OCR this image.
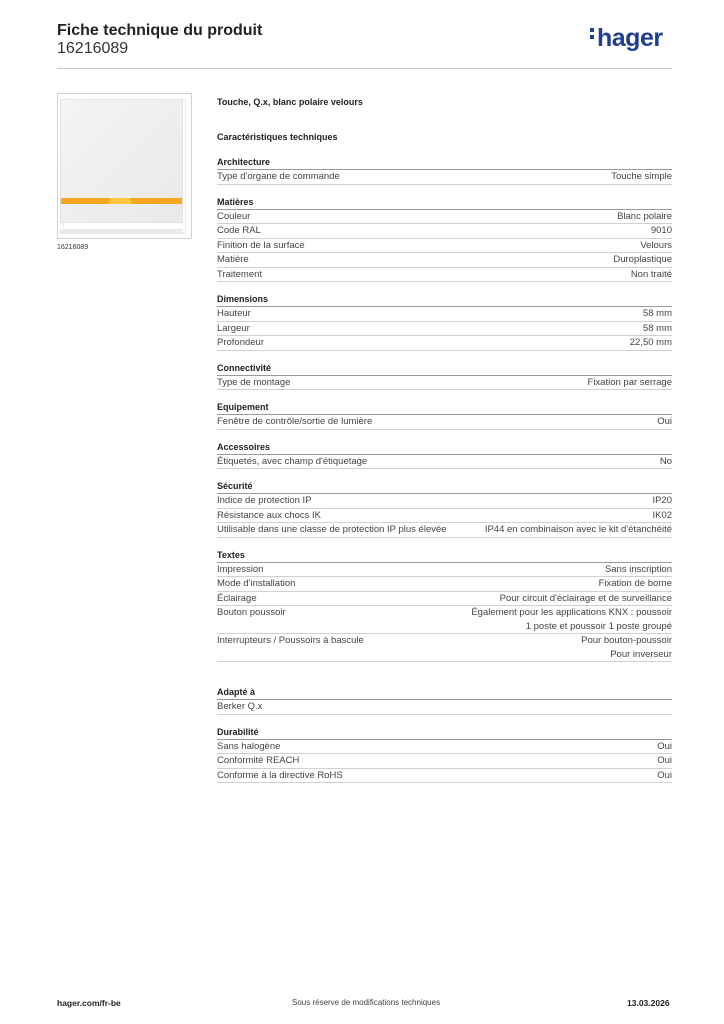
Fiche technique du produit
16216089	hager
16216089
Touche, Q.x, blanc polaire velours
Caractéristiques techniques
Architecture
Type d'organe de commande	Touche simple
Matières
Couleur	Blanc polaire
Code RAL	9010
Finition de la surface	Velours
Matière	Duroplastique
Traitement	Non traité
Dimensions
Hauteur	58 mm
Largeur	58 mm
Profondeur	22,50 mm
Connectivité
Type de montage	Fixation par serrage
Equipement
Fenêtre de contrôle/sortie de lumière	Oui
Accessoires
Étiquetés, avec champ d'étiquetage	No
Sécurité
Indice de protection IP	IP20
Résistance aux chocs IK	IK02
Utilisable dans une classe de protection IP plus élevée	IP44 en combinaison avec le kit d'étanchéité
Textes
Impression	Sans inscription
Mode d'installation	Fixation de borne
Éclairage	Pour circuit d'éclairage et de surveillance
Bouton poussoir	Également pour les applications KNX : poussoir
1 poste et poussoir 1 poste groupé
Interrupteurs / Poussoirs à bascule	Pour bouton-poussoir
Pour inverseur
Adapté à
Berker Q.x
Durabilité
Sans halogène	Oui
Conformité REACH	Oui
Conforme à la directive RoHS	Oui
hager.com/fr-be	Sous réserve de modifications techniques	13.03.2026
